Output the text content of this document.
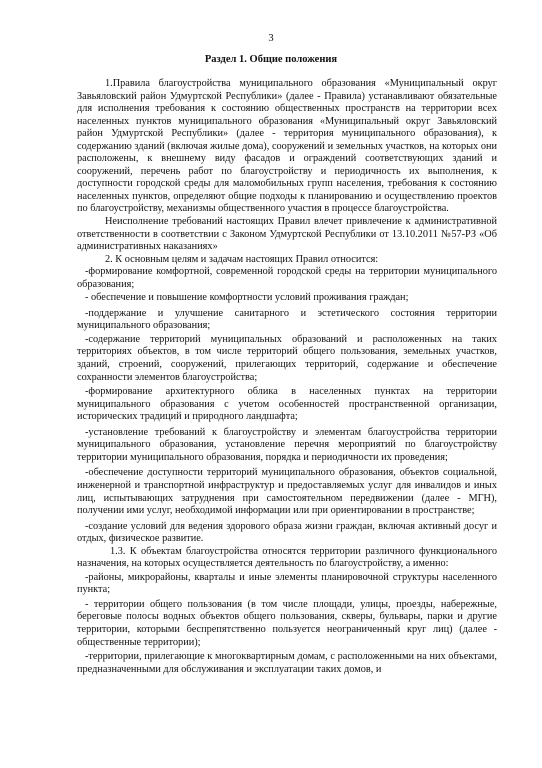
3
Раздел 1. Общие положения

1.Правила благоустройства муниципального образования «Муниципальный округ Завьяловский район Удмуртской Республики» (далее - Правила) устанавливают обязательные для исполнения требования к состоянию общественных пространств на территории всех населенных пунктов муниципального образования «Муниципальный округ Завьяловский район Удмуртской Республики» (далее - территория муниципального образования), к содержанию зданий (включая жилые дома), сооружений и земельных участков, на которых они расположены, к внешнему виду фасадов и ограждений соответствующих зданий и сооружений, перечень работ по благоустройству и периодичность их выполнения, к доступности городской среды для маломобильных групп населения, требования к состоянию населенных пунктов, определяют общие подходы к планированию и осуществлению проектов по благоустройству, механизмы общественного участия в процессе благоустройства.

Неисполнение требований настоящих Правил влечет привлечение к административной ответственности в соответствии с Законом Удмуртской Республики от 13.10.2011 №57-РЗ «Об административных наказаниях»

2. К основным целям и задачам настоящих Правил относится:

-формирование комфортной, современной городской среды на территории муниципального образования;

- обеспечение и повышение комфортности условий проживания граждан;

-поддержание и улучшение санитарного и эстетического состояния территории муниципального образования;

-содержание территорий муниципальных образований и расположенных на таких территориях объектов, в том числе территорий общего пользования, земельных участков, зданий, строений, сооружений, прилегающих территорий, содержание и обеспечение сохранности элементов благоустройства;

-формирование архитектурного облика в населенных пунктах на территории муниципального образования с учетом особенностей пространственной организации, исторических традиций и природного ландшафта;

-установление требований к благоустройству и элементам благоустройства территории муниципального образования, установление перечня мероприятий по благоустройству территории муниципального образования, порядка и периодичности их проведения;

-обеспечение доступности территорий муниципального образования, объектов социальной, инженерной и транспортной инфраструктур и предоставляемых услуг для инвалидов и иных лиц, испытывающих затруднения при самостоятельном передвижении (далее - МГН), получении ими услуг, необходимой информации или при ориентировании в пространстве;

-создание условий для ведения здорового образа жизни граждан, включая активный досуг и отдых, физическое развитие.

1.3. К объектам благоустройства относятся территории различного функционального назначения, на которых осуществляется деятельность по благоустройству, а именно:

-районы, микрорайоны, кварталы и иные элементы планировочной структуры населенного пункта;

- территории общего пользования (в том числе площади, улицы, проезды, набережные, береговые полосы водных объектов общего пользования, скверы, бульвары, парки и другие территории, которыми беспрепятственно пользуется неограниченный круг лиц) (далее - общественные территории);

-территории, прилегающие к многоквартирным домам, с расположенными на них объектами, предназначенными для обслуживания и эксплуатации таких домов, и
